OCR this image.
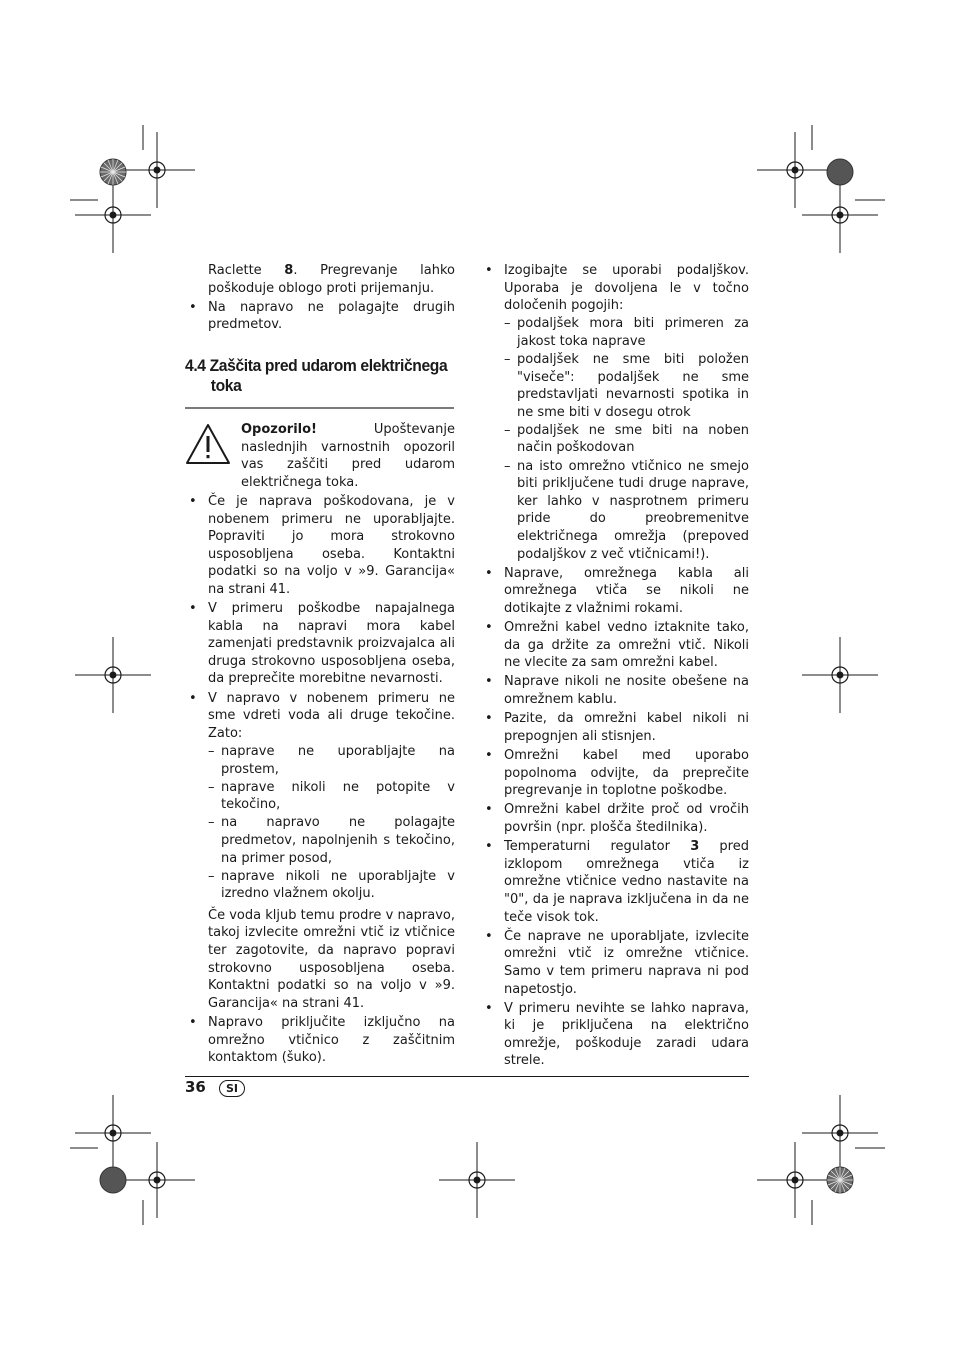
Raclette 8. Pregrevanje lahko poškoduje oblogo proti prijemanju.

• Na napravo ne polagajte drugih predmetov.

4.4 Zaščita pred udarom električnega toka

Opozorilo! Upoštevanje naslednjih varnostnih opozoril vas zaščiti pred udarom električnega toka.

• Če je naprava poškodovana, je v nobenem primeru ne uporabljajte. Popraviti jo mora strokovno usposobljena oseba. Kontaktni podatki so na voljo v »9. Garancija« na strani 41.

• V primeru poškodbe napajalnega kabla na napravi mora kabel zamenjati predstavnik proizvajalca ali druga strokovno usposobljena oseba, da preprečite morebitne nevarnosti.

• V napravo v nobenem primeru ne sme vdreti voda ali druge tekočine. Zato:

– naprave ne uporabljajte na prostem,
– naprave nikoli ne potopite v tekočino,
– na napravo ne polagajte predmetov, napolnjenih s tekočino, na primer posod,
– naprave nikoli ne uporabljajte v izredno vlažnem okolju.

Če voda kljub temu prodre v napravo, takoj izvlecite omrežni vtič iz vtičnice ter zagotovite, da napravo popravi strokovno usposobljena oseba. Kontaktni podatki so na voljo v »9. Garancija« na strani 41.

• Napravo priključite izključno na omrežno vtičnico z zaščitnim kontaktom (šuko).

• Izogibajte se uporabi podaljškov. Uporaba je dovoljena le v točno določenih pogojih:

– podaljšek mora biti primeren za jakost toka naprave
– podaljšek ne sme biti položen "viseče": podaljšek ne sme predstavljati nevarnosti spotika in ne sme biti v dosegu otrok
– podaljšek ne sme biti na noben način poškodovan
– na isto omrežno vtičnico ne smejo biti priključene tudi druge naprave, ker lahko v nasprotnem primeru pride do preobremenitve električnega omrežja (prepoved podaljškov z več vtičnicami!).

• Naprave, omrežnega kabla ali omrežnega vtiča se nikoli ne dotikajte z vlažnimi rokami.

• Omrežni kabel vedno iztaknite tako, da ga držite za omrežni vtič. Nikoli ne vlecite za sam omrežni kabel.

• Naprave nikoli ne nosite obešene na omrežnem kablu.

• Pazite, da omrežni kabel nikoli ni prepognjen ali stisnjen.

• Omrežni kabel med uporabo popolnoma odvijte, da preprečite pregrevanje in toplotne poškodbe.

• Omrežni kabel držite proč od vročih površin (npr. plošča štedilnika).

• Temperaturni regulator 3 pred izklopom omrežnega vtiča iz omrežne vtičnice vedno nastavite na "0", da je naprava izključena in da ne teče visok tok.

• Če naprave ne uporabljate, izvlecite omrežni vtič iz omrežne vtičnice. Samo v tem primeru naprava ni pod napetostjo.

• V primeru nevihte se lahko naprava, ki je priključena na električno omrežje, poškoduje zaradi udara strele.

36	SI
